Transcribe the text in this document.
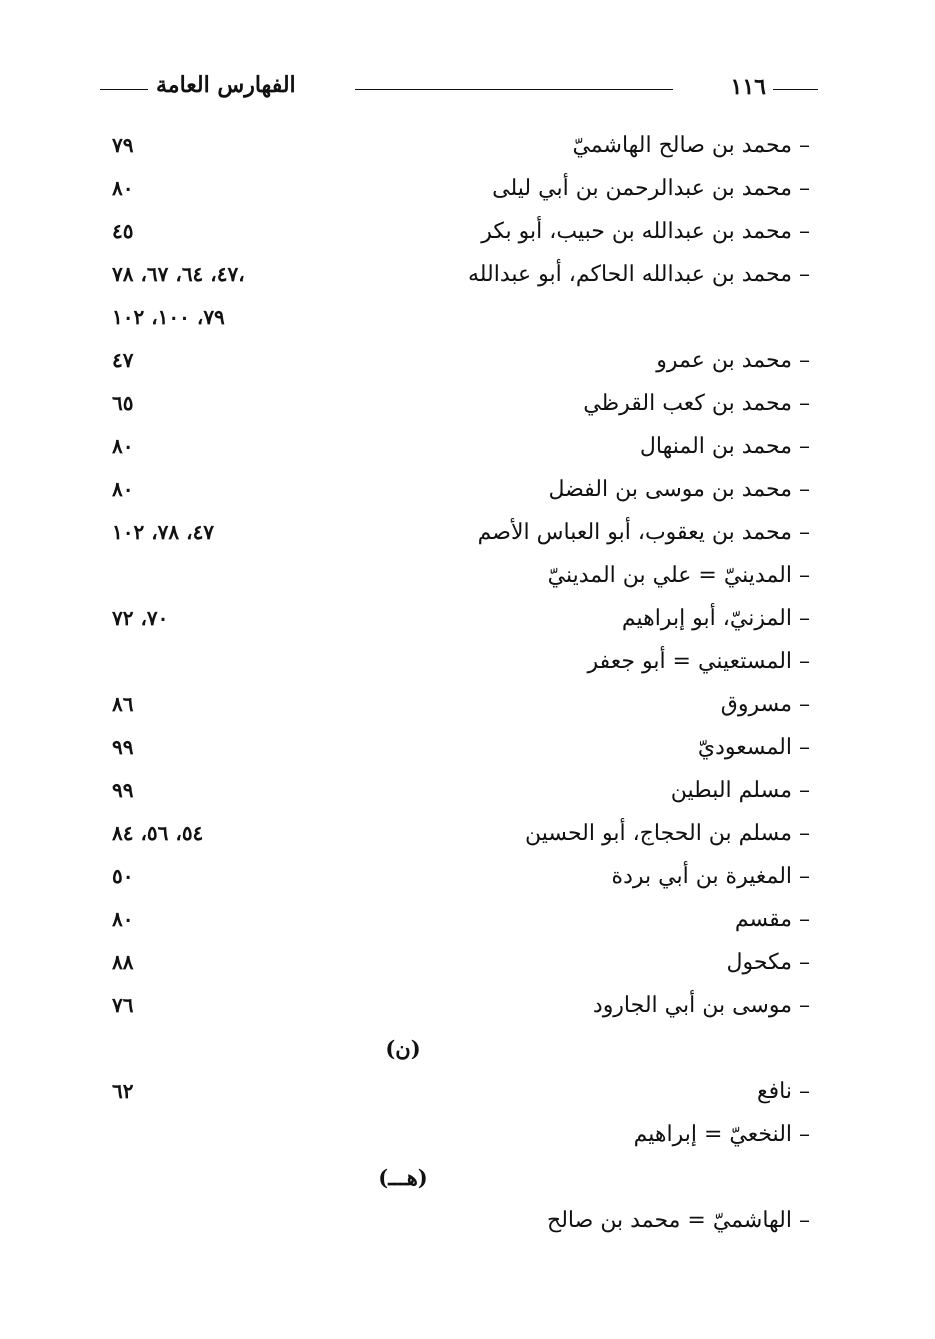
١١٦
الفهارس العامة
– محمد بن صالح الهاشميّ
٧٩
– محمد بن عبدالرحمن بن أبي ليلى
٨٠
– محمد بن عبدالله بن حبيب، أبو بكر
٤٥
– محمد بن عبدالله الحاكم، أبو عبدالله
٤٧، ٦٤، ٦٧، ٧٨،
٧٩، ١٠٠، ١٠٢
– محمد بن عمرو
٤٧
– محمد بن كعب القرظي
٦٥
– محمد بن المنهال
٨٠
– محمد بن موسى بن الفضل
٨٠
– محمد بن يعقوب، أبو العباس الأصم
٤٧، ٧٨، ١٠٢
– المدينيّ = علي بن المدينيّ
– المزنيّ، أبو إبراهيم
٧٠، ٧٢
– المستعيني = أبو جعفر
– مسروق
٨٦
– المسعوديّ
٩٩
– مسلم البطين
٩٩
– مسلم بن الحجاج، أبو الحسين
٥٤، ٥٦، ٨٤
– المغيرة بن أبي بردة
٥٠
– مقسم
٨٠
– مكحول
٨٨
– موسى بن أبي الجارود
٧٦
(ن)
– نافع
٦٢
– النخعيّ = إبراهيم
(هـــ)
– الهاشميّ = محمد بن صالح
